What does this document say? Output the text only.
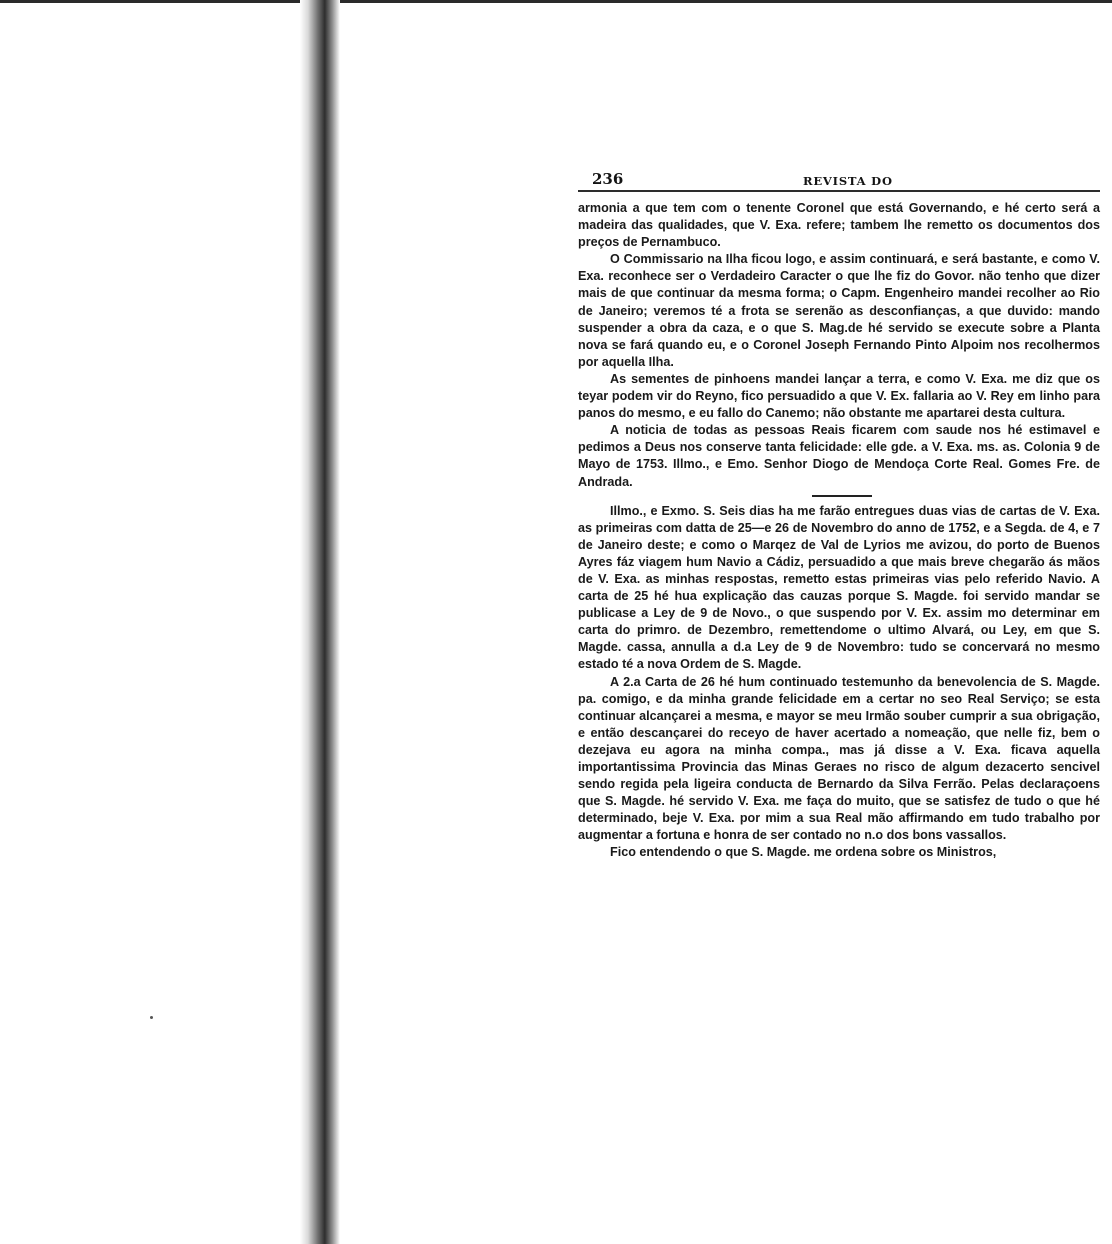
236	REVISTA DO

armonia a que tem com o tenente Coronel que está Governando, e hé certo será a madeira das qualidades, que V. Exa. refere; tambem lhe remetto os documentos dos preços de Pernambuco.

O Commissario na Ilha ficou logo, e assim continuará, e será bastante, e como V. Exa. reconhece ser o Verdadeiro Caracter o que lhe fiz do Govor. não tenho que dizer mais de que continuar da mesma forma; o Capm. Engenheiro mandei recolher ao Rio de Janeiro; veremos té a frota se serenão as desconfianças, a que duvido: mando suspender a obra da caza, e o que S. Mag.de hé servido se execute sobre a Planta nova se fará quando eu, e o Coronel Joseph Fernando Pinto Alpoim nos recolhermos por aquella Ilha.

As sementes de pinhoens mandei lançar a terra, e como V. Exa. me diz que os teyar podem vir do Reyno, fico persuadido a que V. Ex. fallaria ao V. Rey em linho para panos do mesmo, e eu fallo do Canemo; não obstante me apartarei desta cultura.

A noticia de todas as pessoas Reais ficarem com saude nos hé estimavel e pedimos a Deus nos conserve tanta felicidade: elle gde. a V. Exa. ms. as. Colonia 9 de Mayo de 1753. Illmo., e Emo. Senhor Diogo de Mendoça Corte Real. Gomes Fre. de Andrada.

Illmo., e Exmo. S. Seis dias ha me farão entregues duas vias de cartas de V. Exa. as primeiras com datta de 25—e 26 de Novembro do anno de 1752, e a Segda. de 4, e 7 de Janeiro deste; e como o Marqez de Val de Lyrios me avizou, do porto de Buenos Ayres fáz viagem hum Navio a Cádiz, persuadido a que mais breve chegarão ás mãos de V. Exa. as minhas respostas, remetto estas primeiras vias pelo referido Navio. A carta de 25 hé hua explicação das cauzas porque S. Magde. foi servido mandar se publicase a Ley de 9 de Novo., o que suspendo por V. Ex. assim mo determinar em carta do primro. de Dezembro, remettendome o ultimo Alvará, ou Ley, em que S. Magde. cassa, annulla a d.a Ley de 9 de Novembro: tudo se concervará no mesmo estado té a nova Ordem de S. Magde.

A 2.a Carta de 26 hé hum continuado testemunho da benevolencia de S. Magde. pa. comigo, e da minha grande felicidade em a certar no seo Real Serviço; se esta continuar alcançarei a mesma, e mayor se meu Irmão souber cumprir a sua obrigação, e então descançarei do receyo de haver acertado a nomeação, que nelle fiz, bem o dezejava eu agora na minha compa., mas já disse a V. Exa. ficava aquella importantissima Provincia das Minas Geraes no risco de algum dezacerto sencivel sendo regida pela ligeira conducta de Bernardo da Silva Ferrão. Pelas declaraçoens que S. Magde. hé servido V. Exa. me faça do muito, que se satisfez de tudo o que hé determinado, beje V. Exa. por mim a sua Real mão affirmando em tudo trabalho por augmentar a fortuna e honra de ser contado no n.o dos bons vassallos.

Fico entendendo o que S. Magde. me ordena sobre os Ministros,
